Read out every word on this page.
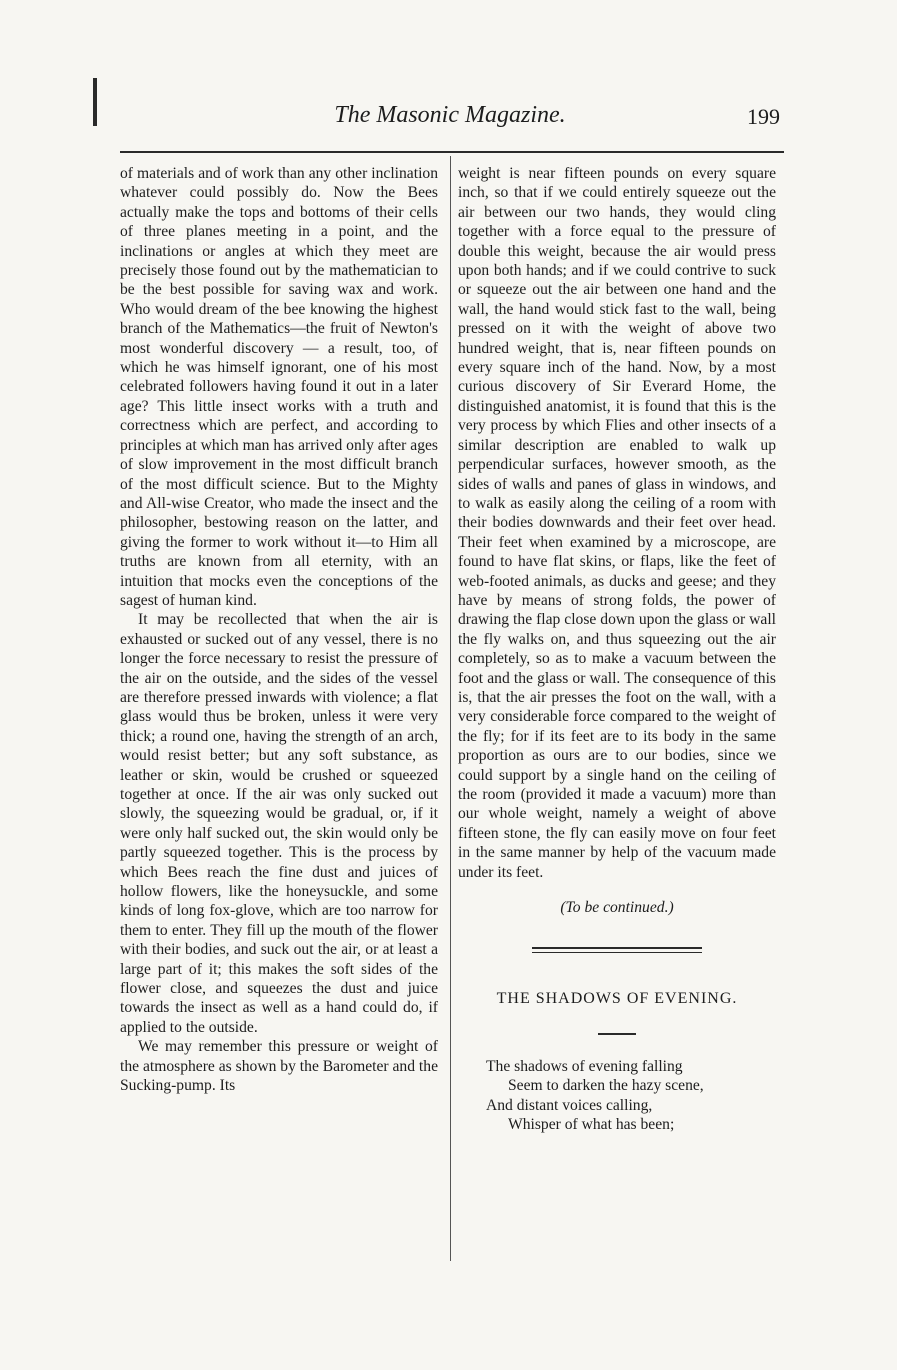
The Masonic Magazine.	199

of materials and of work than any other inclination whatever could possibly do. Now the Bees actually make the tops and bottoms of their cells of three planes meeting in a point, and the inclinations or angles at which they meet are precisely those found out by the mathematician to be the best possible for saving wax and work. Who would dream of the bee knowing the highest branch of the Mathematics—the fruit of Newton's most wonderful discovery — a result, too, of which he was himself ignorant, one of his most celebrated followers having found it out in a later age? This little insect works with a truth and correctness which are perfect, and according to principles at which man has arrived only after ages of slow improvement in the most difficult branch of the most difficult science. But to the Mighty and All-wise Creator, who made the insect and the philosopher, bestowing reason on the latter, and giving the former to work without it—to Him all truths are known from all eternity, with an intuition that mocks even the conceptions of the sagest of human kind.

It may be recollected that when the air is exhausted or sucked out of any vessel, there is no longer the force necessary to resist the pressure of the air on the outside, and the sides of the vessel are therefore pressed inwards with violence; a flat glass would thus be broken, unless it were very thick; a round one, having the strength of an arch, would resist better; but any soft substance, as leather or skin, would be crushed or squeezed together at once. If the air was only sucked out slowly, the squeezing would be gradual, or, if it were only half sucked out, the skin would only be partly squeezed together. This is the process by which Bees reach the fine dust and juices of hollow flowers, like the honeysuckle, and some kinds of long fox-glove, which are too narrow for them to enter. They fill up the mouth of the flower with their bodies, and suck out the air, or at least a large part of it; this makes the soft sides of the flower close, and squeezes the dust and juice towards the insect as well as a hand could do, if applied to the outside.

We may remember this pressure or weight of the atmosphere as shown by the Barometer and the Sucking-pump. Its

weight is near fifteen pounds on every square inch, so that if we could entirely squeeze out the air between our two hands, they would cling together with a force equal to the pressure of double this weight, because the air would press upon both hands; and if we could contrive to suck or squeeze out the air between one hand and the wall, the hand would stick fast to the wall, being pressed on it with the weight of above two hundred weight, that is, near fifteen pounds on every square inch of the hand. Now, by a most curious discovery of Sir Everard Home, the distinguished anatomist, it is found that this is the very process by which Flies and other insects of a similar description are enabled to walk up perpendicular surfaces, however smooth, as the sides of walls and panes of glass in windows, and to walk as easily along the ceiling of a room with their bodies downwards and their feet over head. Their feet when examined by a microscope, are found to have flat skins, or flaps, like the feet of web-footed animals, as ducks and geese; and they have by means of strong folds, the power of drawing the flap close down upon the glass or wall the fly walks on, and thus squeezing out the air completely, so as to make a vacuum between the foot and the glass or wall. The consequence of this is, that the air presses the foot on the wall, with a very considerable force compared to the weight of the fly; for if its feet are to its body in the same proportion as ours are to our bodies, since we could support by a single hand on the ceiling of the room (provided it made a vacuum) more than our whole weight, namely a weight of above fifteen stone, the fly can easily move on four feet in the same manner by help of the vacuum made under its feet.

(To be continued.)

THE SHADOWS OF EVENING.
The shadows of evening falling
Seem to darken the hazy scene,
And distant voices calling,
Whisper of what has been;
